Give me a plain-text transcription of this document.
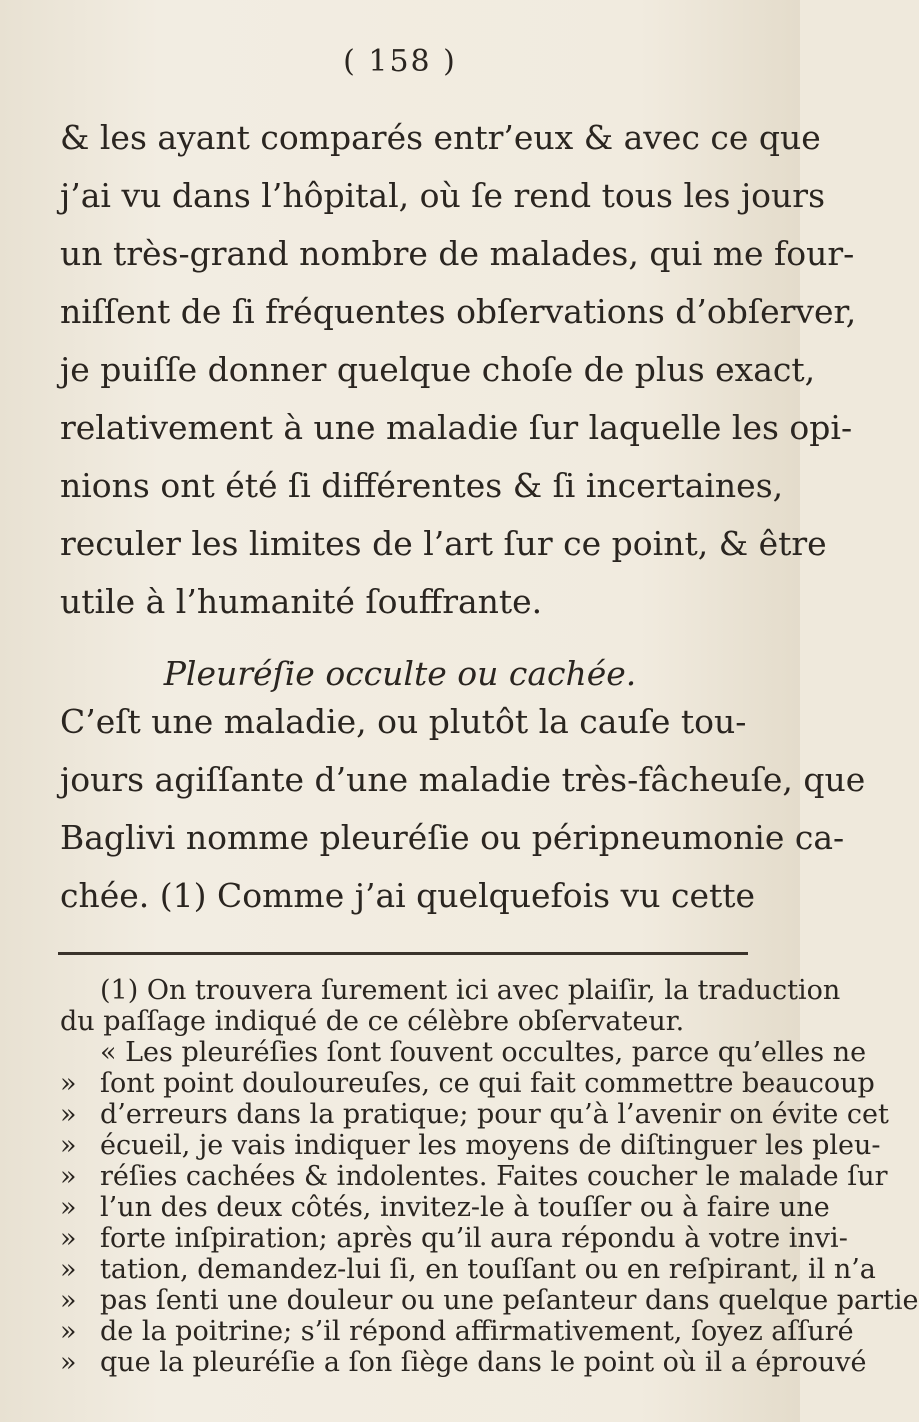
( 158 )
& les ayant comparés entr’eux & avec ce que
j’ai vu dans l’hôpital, où ſe rend tous les jours
un très-grand nombre de malades, qui me four-
niſſent de ſi fréquentes obſervations d’obſerver,
je puiſſe donner quelque choſe de plus exact,
relativement à une maladie ſur laquelle les opi-
nions ont été ſi différentes & ſi incertaines,
reculer les limites de l’art ſur ce point, & être
utile à l’humanité ſouffrante.
Pleuréſie occulte ou cachée.
C’eſt une maladie, ou plutôt la cauſe tou-
jours agiſſante d’une maladie très-fâcheuſe, que
Baglivi nomme pleuréſie ou péripneumonie ca-
chée. (1) Comme j’ai quelquefois vu cette
(1) On trouvera ſurement ici avec plaiſir, la traduction
du paſſage indiqué de ce célèbre obſervateur.
« Les pleuréſies ſont ſouvent occultes, parce qu’elles ne
» ſont point douloureuſes, ce qui fait commettre beaucoup
» d’erreurs dans la pratique; pour qu’à l’avenir on évite cet
» écueil, je vais indiquer les moyens de diſtinguer les pleu-
» réſies cachées & indolentes. Faites coucher le malade ſur
» l’un des deux côtés, invitez-le à touſſer ou à faire une
» forte inſpiration; après qu’il aura répondu à votre invi-
» tation, demandez-lui ſi, en touſſant ou en reſpirant, il n’a
» pas ſenti une douleur ou une peſanteur dans quelque partie
» de la poitrine; s’il répond affirmativement, ſoyez aſſuré
» que la pleuréſie a ſon ſiège dans le point où il a éprouvé
